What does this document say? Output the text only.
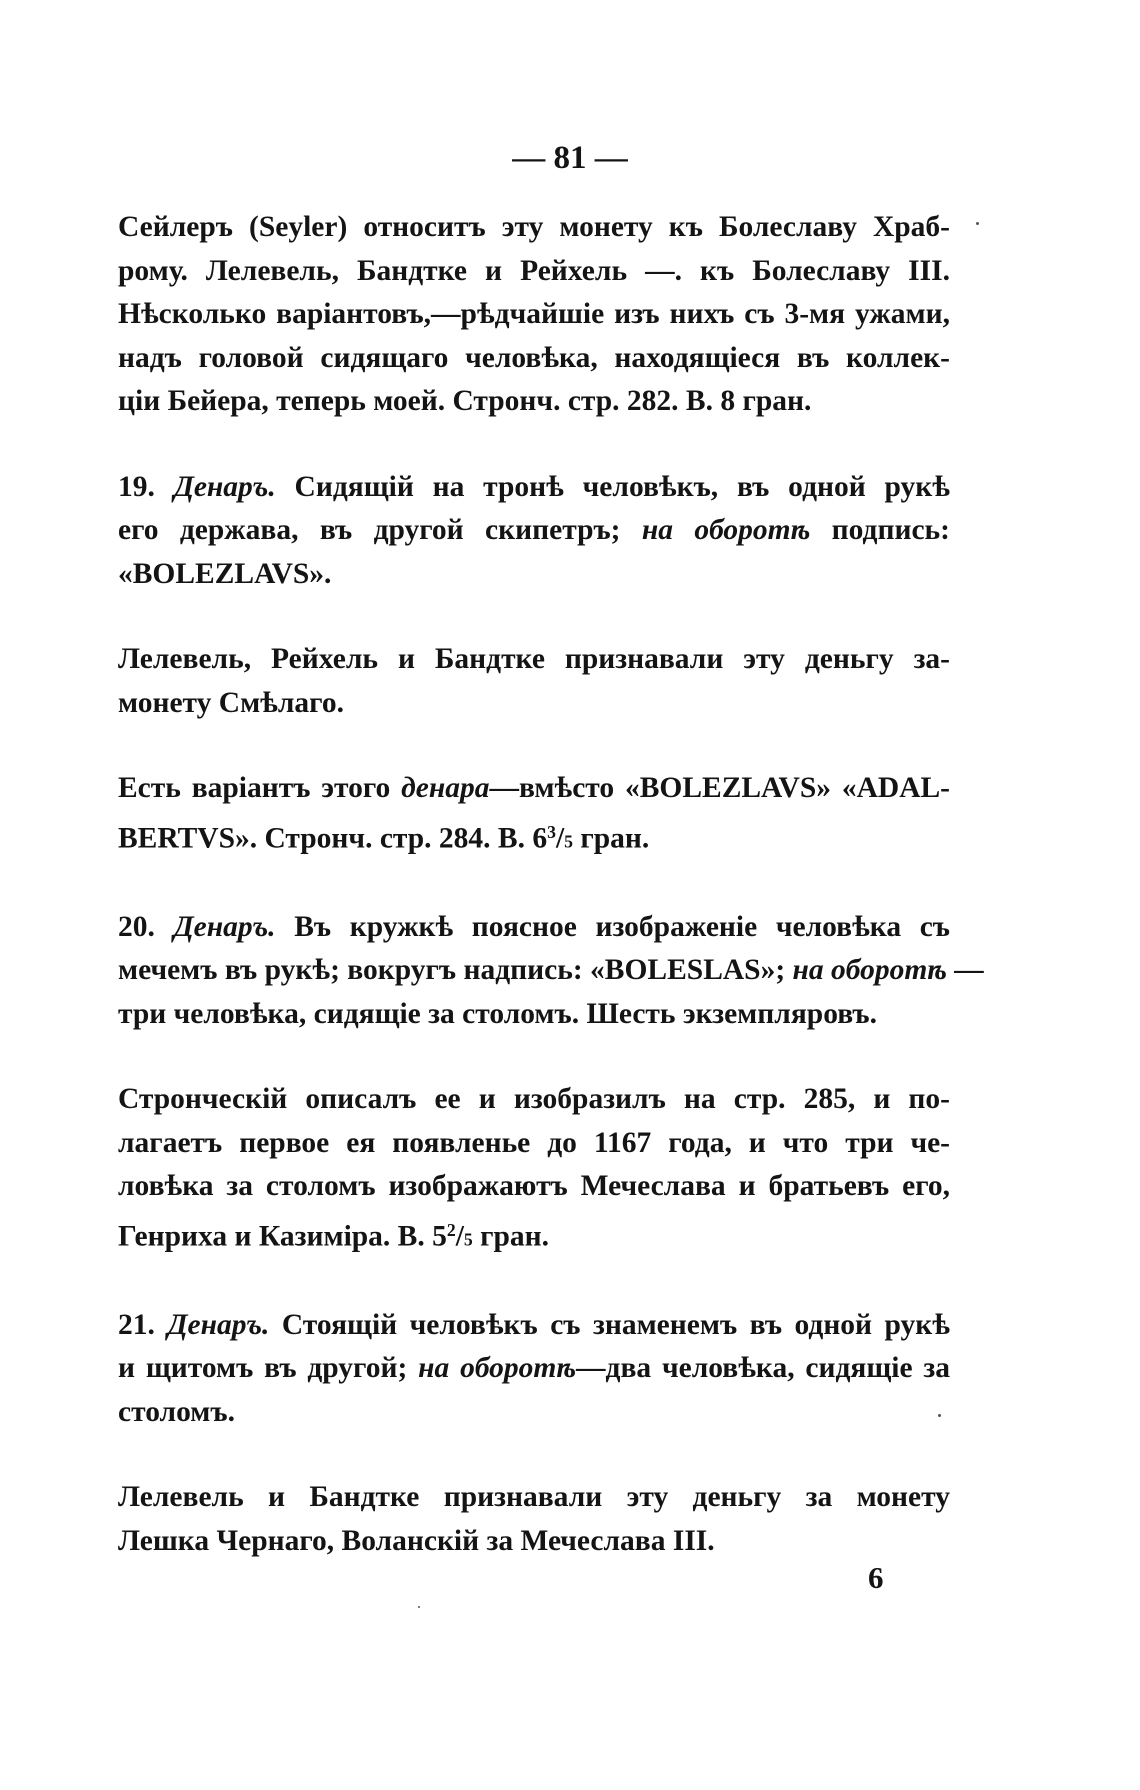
— 81 —
Сейлеръ (Seyler) относитъ эту монету къ Болеславу Храб-
рому. Лелевель, Бандтке и Рейхель —. къ Болеславу III.
Нѣсколько варіантовъ,—рѣдчайшіе изъ нихъ съ 3-мя ужами,
надъ головой сидящаго человѣка, находящіеся въ коллек-
ціи Бейера, теперь моей. Стронч. стр. 282. В. 8 гран.
19. Денаръ. Сидящій на тронѣ человѣкъ, въ одной рукѣ
его держава, въ другой скипетръ; на оборотѣ подпись:
«BOLEZLAVS».
Лелевель, Рейхель и Бандтке признавали эту деньгу за-
монету Смѣлаго.
Есть варіантъ этого денара—вмѣсто «BOLEZLAVS» «ADAL-
BERTVS». Стронч. стр. 284. В. $6^3/5$ гран.
20. Денаръ. Въ кружкѣ поясное изображеніе человѣка съ
мечемъ въ рукѣ; вокругъ надпись: «BOLESLAS»; на оборотѣ —
три человѣка, сидящіе за столомъ. Шесть экземпляровъ.
Стронческій описалъ ее и изобразилъ на стр. 285, и по-
лагаетъ первое ея появленье до 1167 года, и что три че-
ловѣка за столомъ изображаютъ Мечеслава и братьевъ его,
Генриха и Казиміра. В. $5^2/5$ гран.
21. Денаръ. Стоящій человѣкъ съ знаменемъ въ одной рукѣ
и щитомъ въ другой; на оборотѣ—два человѣка, сидящіе за
столомъ.
Лелевель и Бандтке признавали эту деньгу за монету
Лешка Чернаго, Воланскій за Мечеслава III.
6
